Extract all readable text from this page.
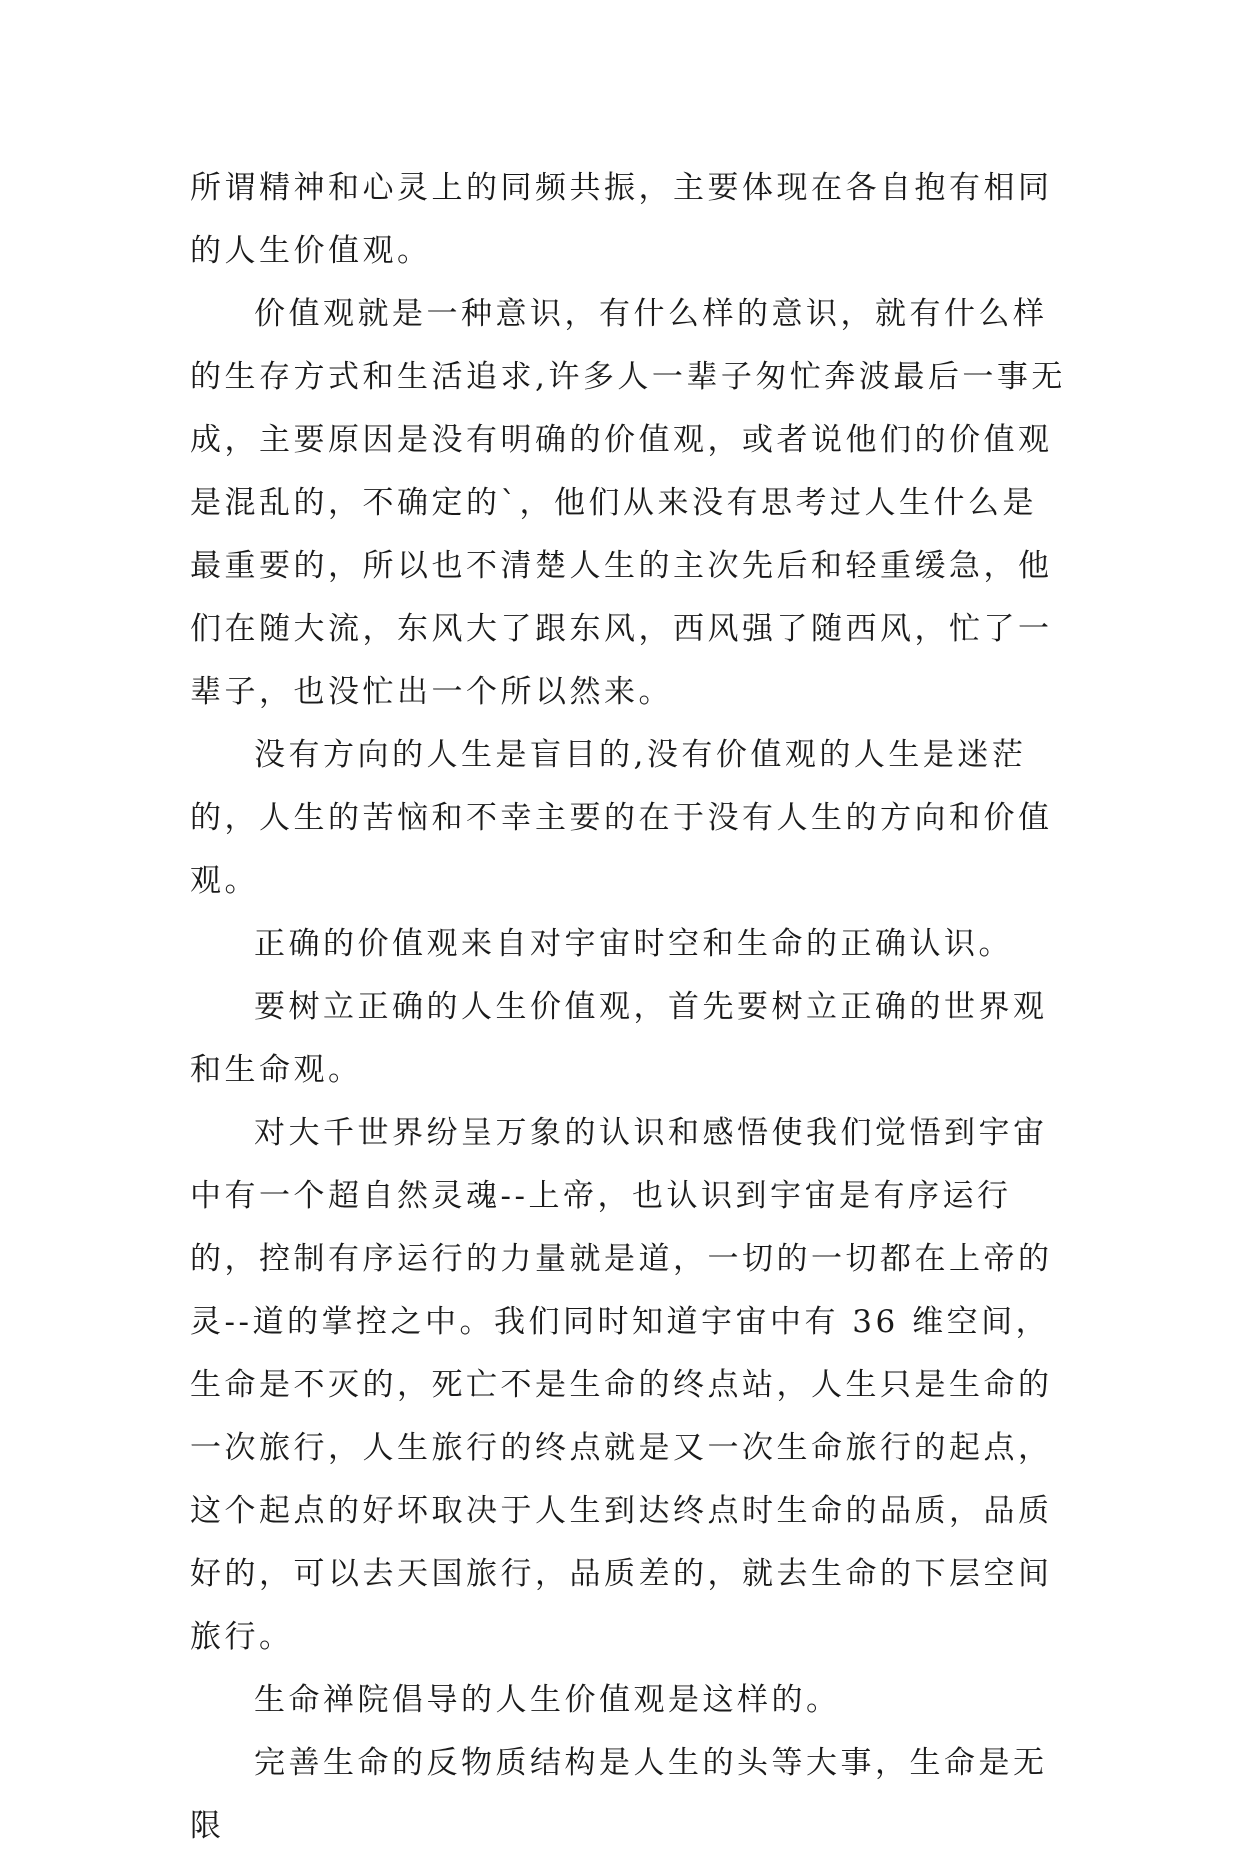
所谓精神和心灵上的同频共振，主要体现在各自抱有相同的人生价值观。

价值观就是一种意识，有什么样的意识，就有什么样的生存方式和生活追求,许多人一辈子匆忙奔波最后一事无成，主要原因是没有明确的价值观，或者说他们的价值观是混乱的，不确定的`，他们从来没有思考过人生什么是最重要的，所以也不清楚人生的主次先后和轻重缓急，他们在随大流，东风大了跟东风，西风强了随西风，忙了一辈子，也没忙出一个所以然来。

没有方向的人生是盲目的,没有价值观的人生是迷茫的，人生的苦恼和不幸主要的在于没有人生的方向和价值观。

正确的价值观来自对宇宙时空和生命的正确认识。

要树立正确的人生价值观，首先要树立正确的世界观和生命观。

对大千世界纷呈万象的认识和感悟使我们觉悟到宇宙中有一个超自然灵魂--上帝，也认识到宇宙是有序运行的，控制有序运行的力量就是道，一切的一切都在上帝的灵--道的掌控之中。我们同时知道宇宙中有 36 维空间，生命是不灭的，死亡不是生命的终点站，人生只是生命的一次旅行，人生旅行的终点就是又一次生命旅行的起点，这个起点的好坏取决于人生到达终点时生命的品质，品质好的，可以去天国旅行，品质差的，就去生命的下层空间旅行。

生命禅院倡导的人生价值观是这样的。

完善生命的反物质结构是人生的头等大事，生命是无限
